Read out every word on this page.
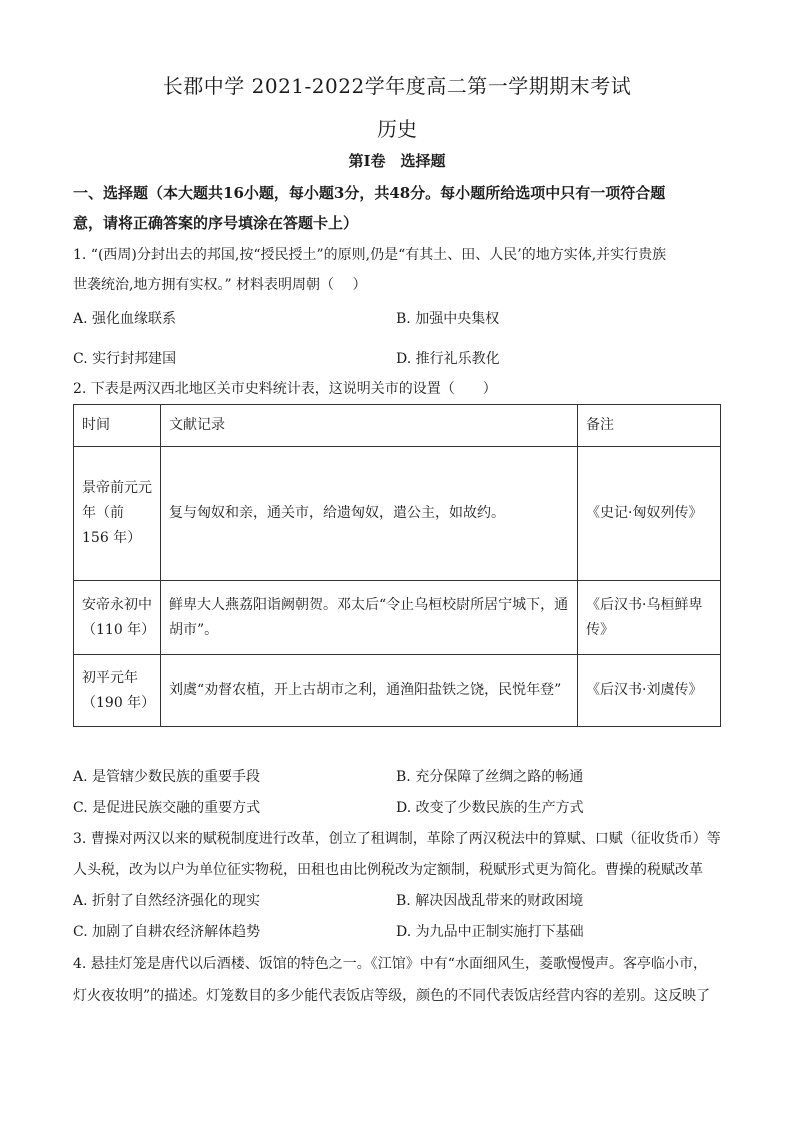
长郡中学 2021-2022学年度高二第一学期期末考试
历史
第Ⅰ卷　选择题
一、选择题（本大题共16小题，每小题3分，共48分。每小题所给选项中只有一项符合题
意，请将正确答案的序号填涂在答题卡上）
1. “(西周)分封出去的邦国,按“授民授土”的原则,仍是“有其土、田、人民’的地方实体,并实行贵族
世袭统治,地方拥有实权。” 材料表明周朝（　 ）
A. 强化血缘联系	B. 加强中央集权
C. 实行封邦建国	D. 推行礼乐教化
2. 下表是两汉西北地区关市史料统计表，这说明关市的设置（　　）
时间	文献记录	备注
景帝前元元年（前 156 年）	复与匈奴和亲，通关市，给遗匈奴，遣公主，如故约。	《史记·匈奴列传》
安帝永初中（110 年）	鲜卑大人燕荔阳诣阙朝贺。邓太后“令止乌桓校尉所居宁城下，通胡市”。	《后汉书·乌桓鲜卑传》
初平元年（190 年）	刘虞“劝督农植，开上古胡市之利，通渔阳盐铁之饶，民悦年登”	《后汉书·刘虞传》
A. 是管辖少数民族的重要手段	B. 充分保障了丝绸之路的畅通
C. 是促进民族交融的重要方式	D. 改变了少数民族的生产方式
3. 曹操对两汉以来的赋税制度进行改革，创立了租调制，革除了两汉税法中的算赋、口赋（征收货币）等
人头税，改为以户为单位征实物税，田租也由比例税改为定额制，税赋形式更为简化。曹操的税赋改革
A. 折射了自然经济强化的现实	B. 解决因战乱带来的财政困境
C. 加剧了自耕农经济解体趋势	D. 为九品中正制实施打下基础
4. 悬挂灯笼是唐代以后酒楼、饭馆的特色之一。《江馆》中有“水面细风生，菱歌慢慢声。客亭临小市，
灯火夜妆明”的描述。灯笼数目的多少能代表饭店等级，颜色的不同代表饭店经营内容的差别。这反映了
